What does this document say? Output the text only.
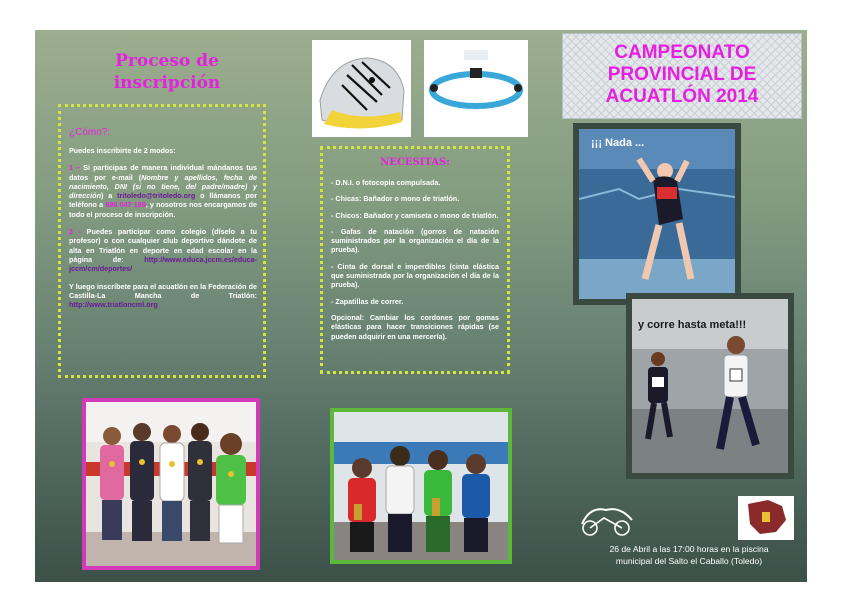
Proceso de
inscripción
¿Cómo?:

Puedes inscribirte de 2 modos:

1 – Si participas de manera individual mándanos tus datos por e-mail (Nombre y apellidos, fecha de nacimiento, DNI (si no tiene, del padre/madre) y dirección) a tritoledo@tritoledo.org o llámanos por teléfono a 696 047 189, y nosotros nos encargamos de todo el proceso de inscripción.

2 - Puedes participar como colegio (díselo a tu profesor) o con cualquier club deportivo dándote de alta en Triatlón en deporte en edad escolar en la página de: http://www.educa.jccm.es/educa-jccm/cm/deportes/

Y luego inscríbete para el acuatlón en la Federación de Castilla-La Mancha de Triatlón: http://www.triatloncml.org

NECESITAS:

- D.N.I. o fotocopia compulsada.

- Chicas: Bañador o mono de triatlón.

- Chicos: Bañador y camiseta o mono de triatlón.

- Gafas de natación (gorros de natación suministrados por la organización el día de la prueba).

- Cinta de dorsal e imperdibles (cinta elástica que suministrada por la organización el día de la prueba).

- Zapatillas de correr.

Opcional: Cambiar los cordones por gomas elásticas para hacer transiciones rápidas (se pueden adquirir en una mercería).

CAMPEONATO
PROVINCIAL DE
ACUATLÓN 2014
¡¡¡ Nada ...
y corre hasta meta!!!
26 de Abril a las 17:00 horas en la piscina
municipal del Salto el Caballo (Toledo)
